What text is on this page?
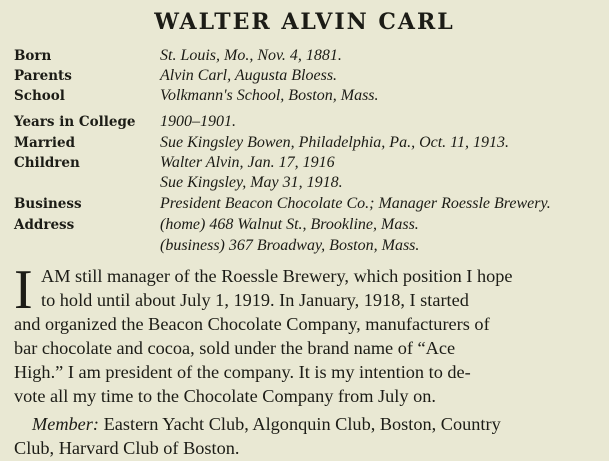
WALTER ALVIN CARL
Born	St. Louis, Mo., Nov. 4, 1881.
Parents	Alvin Carl, Augusta Bloess.
School	Volkmann's School, Boston, Mass.
Years in College 1900–1901.
Married	Sue Kingsley Bowen, Philadelphia, Pa., Oct. 11, 1913.
Children	Walter Alvin, Jan. 17, 1916
Sue Kingsley, May 31, 1918.
Business	President Beacon Chocolate Co.; Manager Roessle Brewery.
Address	(home) 468 Walnut St., Brookline, Mass.
(business) 367 Broadway, Boston, Mass.
I AM still manager of the Roessle Brewery, which position I hope
to hold until about July 1, 1919. In January, 1918, I started
and organized the Beacon Chocolate Company, manufacturers of
bar chocolate and cocoa, sold under the brand name of “Ace
High.” I am president of the company. It is my intention to de-
vote all my time to the Chocolate Company from July on.
Member: Eastern Yacht Club, Algonquin Club, Boston, Country
Club, Harvard Club of Boston.
